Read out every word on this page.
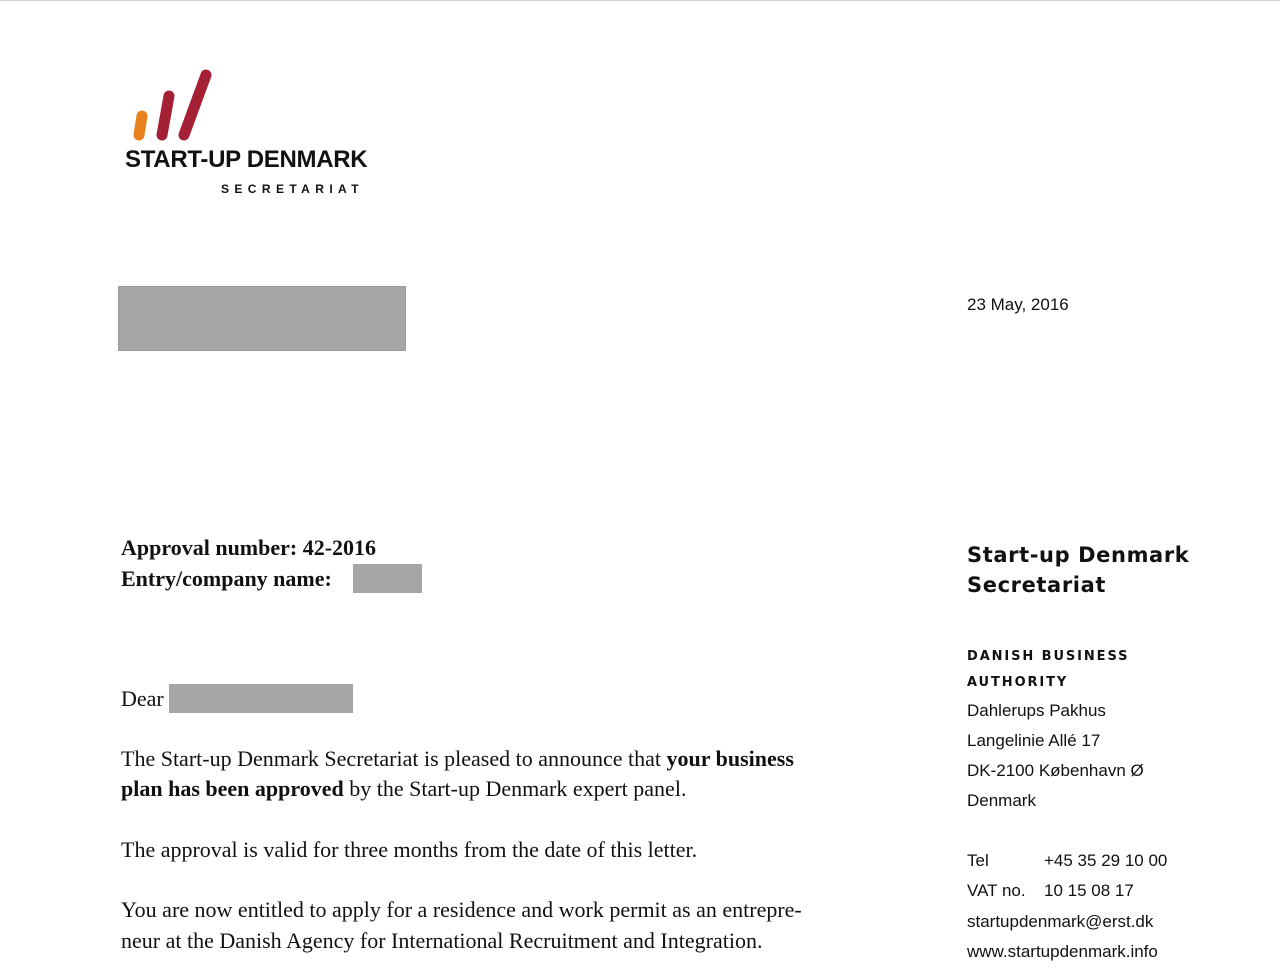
START-UP DENMARK
SECRETARIAT
23 May, 2016
Approval number: 42-2016
Entry/company name:
Dear
The Start-up Denmark Secretariat is pleased to announce that your business
plan has been approved by the Start-up Denmark expert panel.
The approval is valid for three months from the date of this letter.
You are now entitled to apply for a residence and work permit as an entrepre-
neur at the Danish Agency for International Recruitment and Integration.
Start-up Denmark
Secretariat
DANISH BUSINESS
AUTHORITY
Dahlerups Pakhus
Langelinie Allé 17
DK-2100 København Ø
Denmark
Tel	+45 35 29 10 00
VAT no. 10 15 08 17
startupdenmark@erst.dk
www.startupdenmark.info
